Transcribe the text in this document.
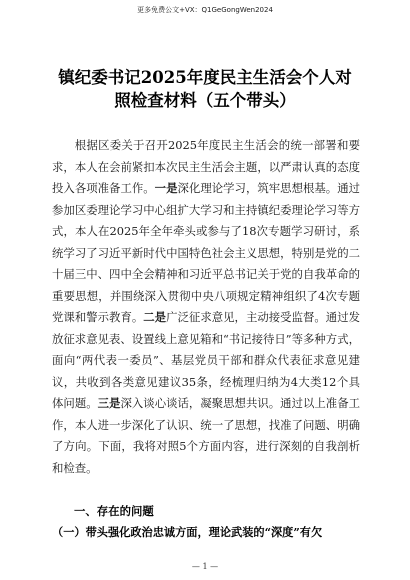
更多免费公文+VX：Q1GeGongWen2024
镇纪委书记2025年度民主生活会个人对
照检查材料（五个带头）

根据区委关于召开2025年度民主生活会的统一部署和要求，本人在会前紧扣本次民主生活会主题，以严肃认真的态度投入各项准备工作。一是深化理论学习，筑牢思想根基。通过参加区委理论学习中心组扩大学习和主持镇纪委理论学习等方式，本人在2025年全年牵头或参与了18次专题学习研讨，系统学习了习近平新时代中国特色社会主义思想，特别是党的二十届三中、四中全会精神和习近平总书记关于党的自我革命的重要思想，并围绕深入贯彻中央八项规定精神组织了4次专题党课和警示教育。二是广泛征求意见，主动接受监督。通过发放征求意见表、设置线上意见箱和“书记接待日”等多种方式，面向“两代表一委员”、基层党员干部和群众代表征求意见建议，共收到各类意见建议35条，经梳理归纳为4大类12个具体问题。三是深入谈心谈话，凝聚思想共识。通过以上准备工作，本人进一步深化了认识、统一了思想，找准了问题、明确了方向。下面，我将对照5个方面内容，进行深刻的自我剖析和检查。

一、存在的问题
（一）带头强化政治忠诚方面，理论武装的“深度”有欠
— 1 —
